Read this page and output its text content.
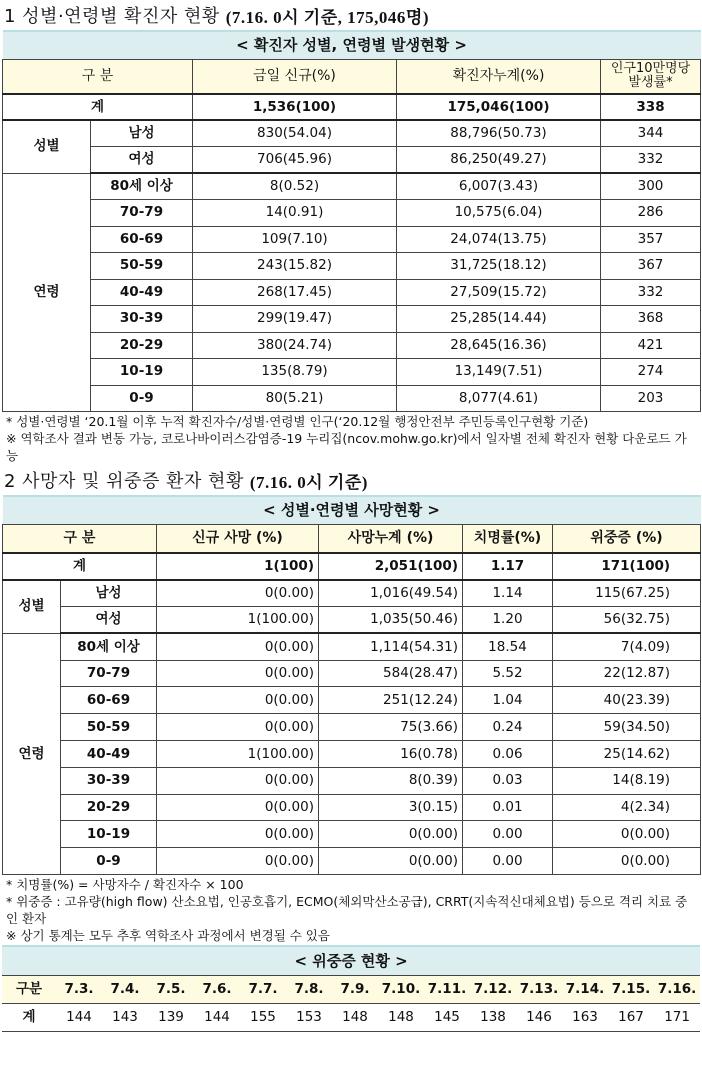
1 성별·연령별 확진자 현황 (7.16. 0시 기준, 175,046명)
< 확진자 성별, 연령별 발생현황 >				
구 분		금일 신규(%)	확진자누계(%)	인구10만명당 발생률*
계		1,536(100)	175,046(100)	338
성별	남성	830(54.04)	88,796(50.73)	344
	여성	706(45.96)	86,250(49.27)	332
연령	80세 이상	8(0.52)	6,007(3.43)	300
	70-79	14(0.91)	10,575(6.04)	286
	60-69	109(7.10)	24,074(13.75)	357
	50-59	243(15.82)	31,725(18.12)	367
	40-49	268(17.45)	27,509(15.72)	332
	30-39	299(19.47)	25,285(14.44)	368
	20-29	380(24.74)	28,645(16.36)	421
	10-19	135(8.79)	13,149(7.51)	274
	0-9	80(5.21)	8,077(4.61)	203
* 성별·연령별 ‘20.1월 이후 누적 확진자수/성별·연령별 인구(‘20.12월 행정안전부 주민등록인구현황 기준)
※ 역학조사 결과 변동 가능, 코로나바이러스감염증-19 누리집(ncov.mohw.go.kr)에서 일자별 전체 확진자 현황 다운로드 가능
2 사망자 및 위중증 환자 현황 (7.16. 0시 기준)
< 성별·연령별 사망현황 >					
구 분		신규 사망 (%)	사망누계 (%)	치명률(%)	위중증 (%)
계		1(100)	2,051(100)	1.17	171(100)
성별	남성	0(0.00)	1,016(49.54)	1.14	115(67.25)
	여성	1(100.00)	1,035(50.46)	1.20	56(32.75)
연령	80세 이상	0(0.00)	1,114(54.31)	18.54	7(4.09)
	70-79	0(0.00)	584(28.47)	5.52	22(12.87)
	60-69	0(0.00)	251(12.24)	1.04	40(23.39)
	50-59	0(0.00)	75(3.66)	0.24	59(34.50)
	40-49	1(100.00)	16(0.78)	0.06	25(14.62)
	30-39	0(0.00)	8(0.39)	0.03	14(8.19)
	20-29	0(0.00)	3(0.15)	0.01	4(2.34)
	10-19	0(0.00)	0(0.00)	0.00	0(0.00)
	0-9	0(0.00)	0(0.00)	0.00	0(0.00)
* 치명률(%) = 사망자수 / 확진자수 × 100
* 위중증 : 고유량(high flow) 산소요법, 인공호흡기, ECMO(체외막산소공급), CRRT(지속적신대체요법) 등으로 격리 치료 중인 환자
※ 상기 통계는 모두 추후 역학조사 과정에서 변경될 수 있음
< 위중증 현황 >														
구분	7.3.	7.4.	7.5.	7.6.	7.7.	7.8.	7.9.	7.10.	7.11.	7.12.	7.13.	7.14.	7.15.	7.16.
계	144	143	139	144	155	153	148	148	145	138	146	163	167	171
